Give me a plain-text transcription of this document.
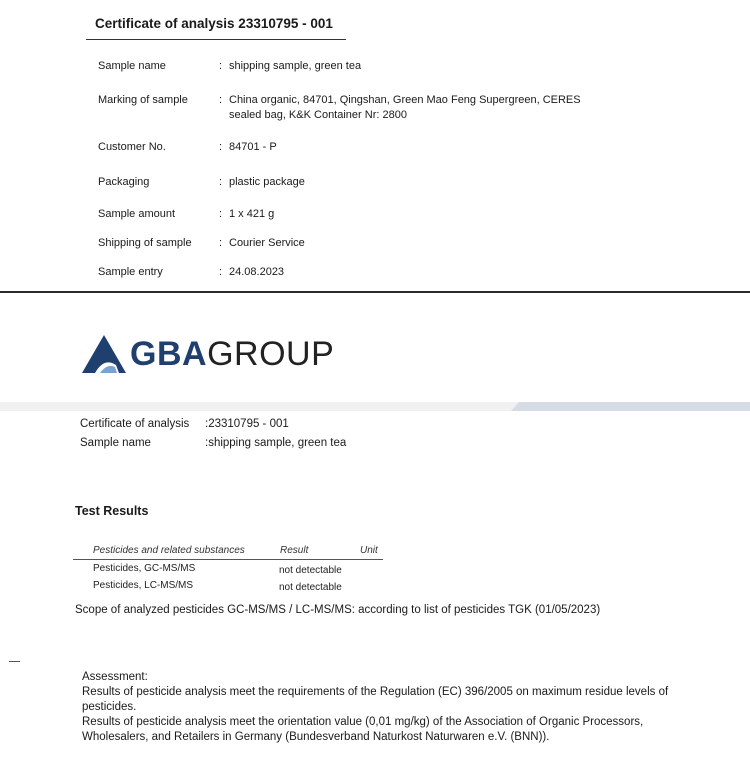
Certificate of analysis 23310795 - 001
Sample name	: shipping sample, green tea
Marking of sample	: China organic, 84701, Qingshan, Green Mao Feng Supergreen, CERES
sealed bag, K&K Container Nr: 2800
Customer No.	: 84701 - P
Packaging	: plastic package
Sample amount	: 1 x 421 g
Shipping of sample : Courier Service
Sample entry	: 24.08.2023
GBAGROUP
Certificate of analysis :23310795 - 001
Sample name	:shipping sample, green tea
Test Results
Pesticides and related substances	Result	Unit
Pesticides, GC-MS/MS	not detectable
Pesticides, LC-MS/MS	not detectable
Scope of analyzed pesticides GC-MS/MS / LC-MS/MS: according to list of pesticides TGK (01/05/2023)

Assessment:

Results of pesticide analysis meet the requirements of the Regulation (EC) 396/2005 on maximum residue levels of pesticides.

Results of pesticide analysis meet the orientation value (0,01 mg/kg) of the Association of Organic Processors, Wholesalers, and Retailers in Germany (Bundesverband Naturkost Naturwaren e.V. (BNN)).
